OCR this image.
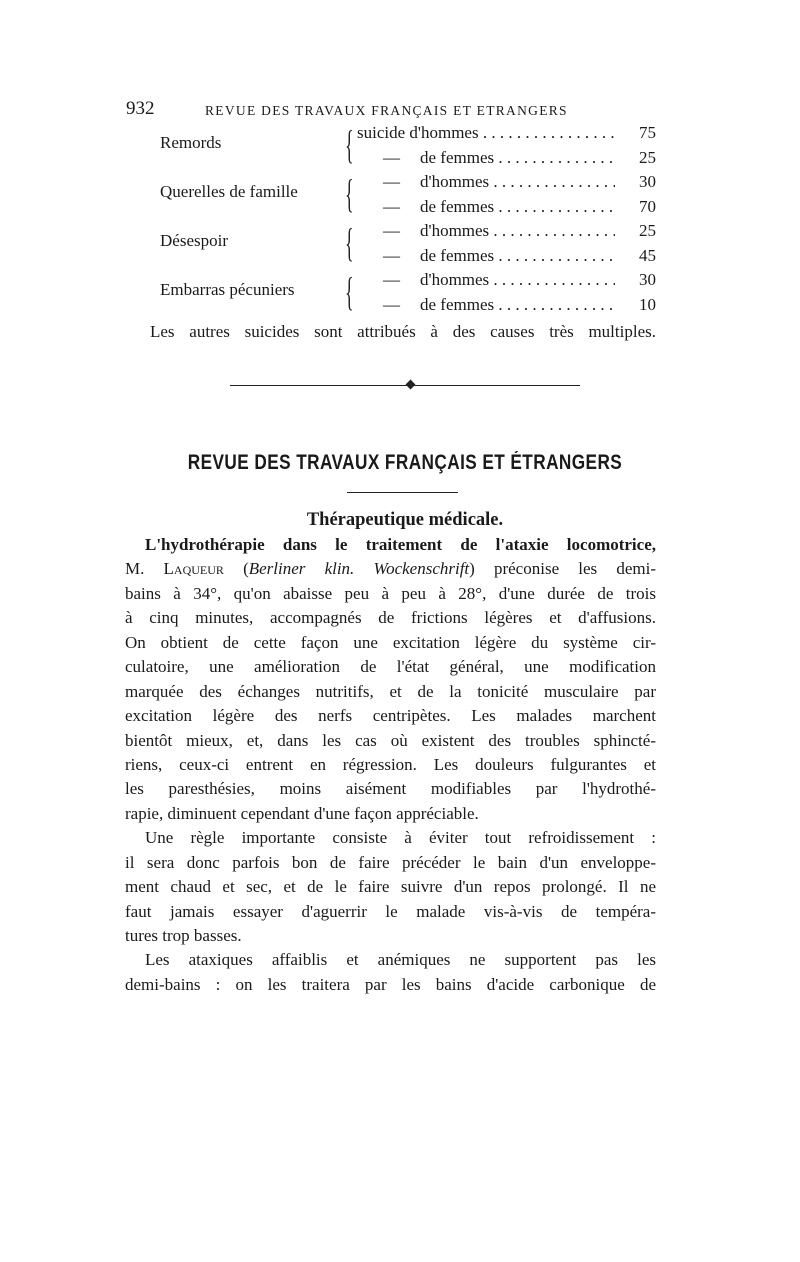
932	REVUE DES TRAVAUX FRANÇAIS ET ETRANGERS
Remords	{ suicide d'hommes . . .	75
— de femmes . . .	25
Querelles de famille { — d'hommes . . .	30
— de femmes . . .	70
Désespoir	{ — d'hommes . . .	25
— de femmes . . .	45
Embarras pécuniers { — d'hommes . . .	30
— de femmes . . .	10
Les autres suicides sont attribués à des causes très multiples.
REVUE DES TRAVAUX FRANÇAIS ET ÉTRANGERS
Thérapeutique médicale.
L'hydrothérapie dans le traitement de l'ataxie locomotrice,
M. Laqueur (Berliner klin. Wockenschrift) préconise les demi-
bains à 34°, qu'on abaisse peu à peu à 28°, d'une durée de trois
à cinq minutes, accompagnés de frictions légères et d'affusions.
On obtient de cette façon une excitation légère du système cir-
culatoire, une amélioration de l'état général, une modification
marquée des échanges nutritifs, et de la tonicité musculaire par
excitation légère des nerfs centripètes. Les malades marchent
bientôt mieux, et, dans les cas où existent des troubles sphincté-
riens, ceux-ci entrent en régression. Les douleurs fulgurantes et
les paresthésies, moins aisément modifiables par l'hydrothé-
rapie, diminuent cependant d'une façon appréciable.
Une règle importante consiste à éviter tout refroidissement :
il sera donc parfois bon de faire précéder le bain d'un enveloppe-
ment chaud et sec, et de le faire suivre d'un repos prolongé. Il ne
faut jamais essayer d'aguerrir le malade vis-à-vis de tempéra-
tures trop basses.
Les ataxiques affaiblis et anémiques ne supportent pas les
demi-bains : on les traitera par les bains d'acide carbonique de
